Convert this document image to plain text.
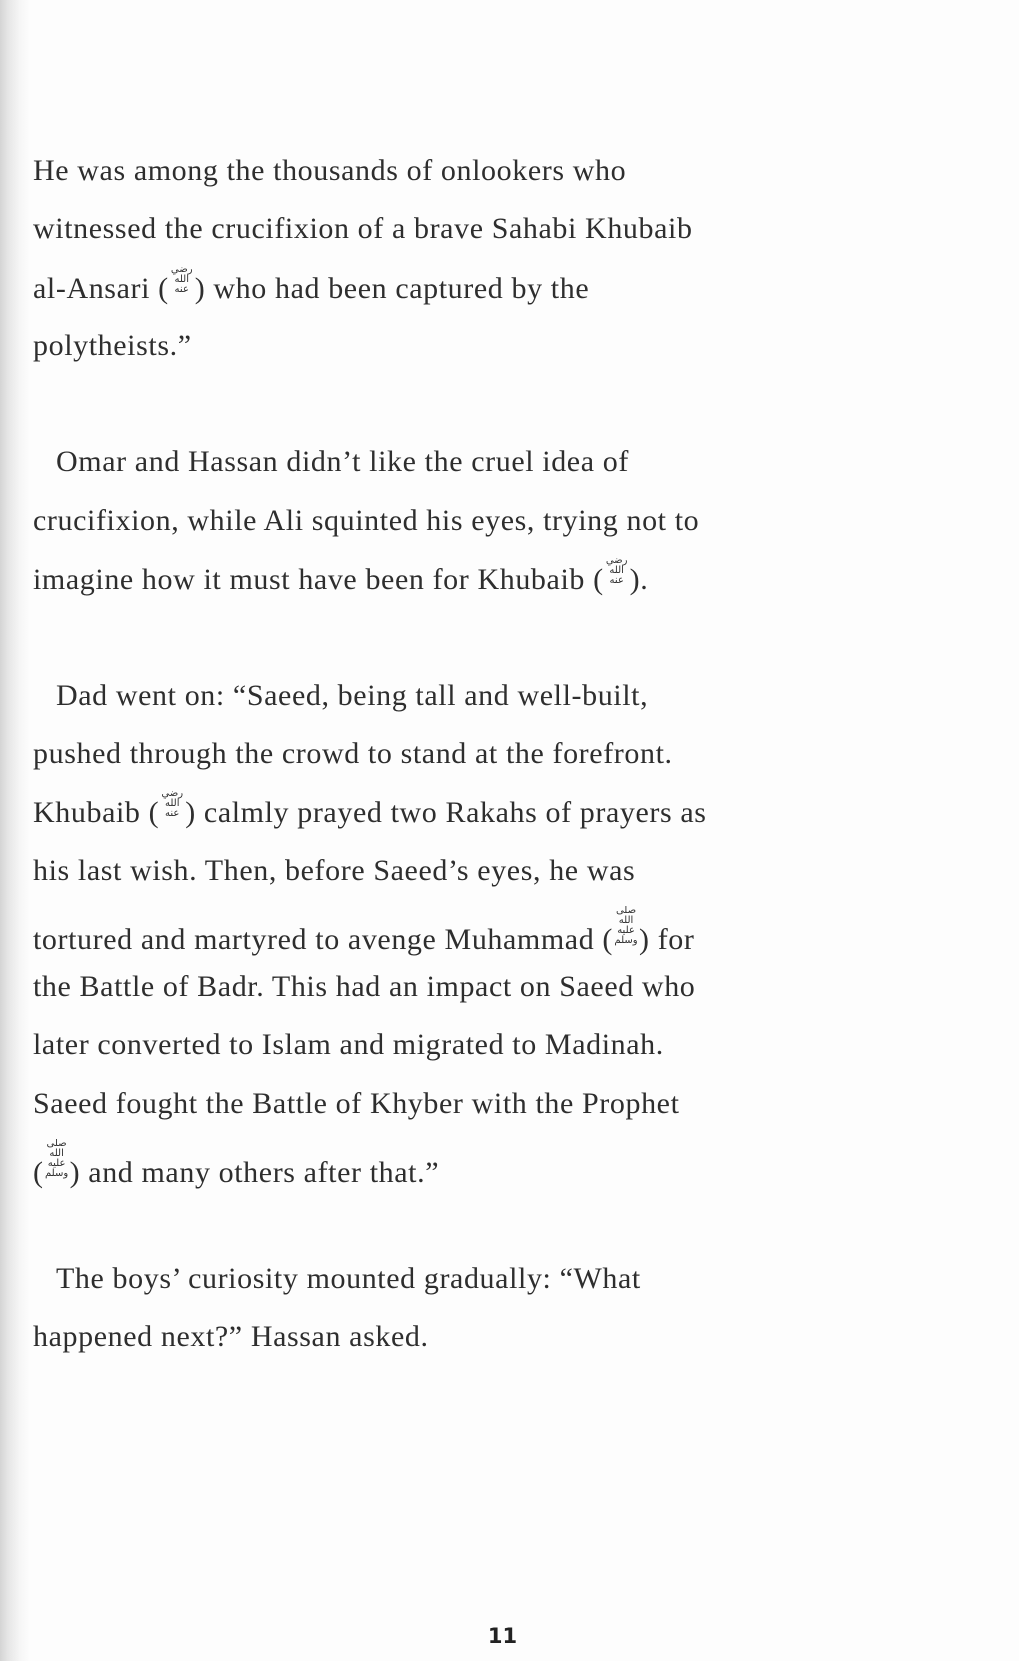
He was among the thousands of onlookers who
witnessed the crucifixion of a brave Sahabi Khubaib
al-Ansari (رضي الله عنه ) who had been captured by the
polytheists.”
Omar and Hassan didn’t like the cruel idea of
crucifixion, while Ali squinted his eyes, trying not to
imagine how it must have been for Khubaib (رضي الله عنه ).
Dad went on: “Saeed, being tall and well-built,
pushed through the crowd to stand at the forefront.
Khubaib (رضي الله عنه ) calmly prayed two Rakahs of prayers as
his last wish. Then, before Saeed’s eyes, he was
tortured and martyred to avenge Muhammad (صلى الله عليه وسلم) for
the Battle of Badr. This had an impact on Saeed who
later converted to Islam and migrated to Madinah.
Saeed fought the Battle of Khyber with the Prophet
(صلى الله عليه وسلم) and many others after that.”
The boys’ curiosity mounted gradually: “What
happened next?” Hassan asked.
11
